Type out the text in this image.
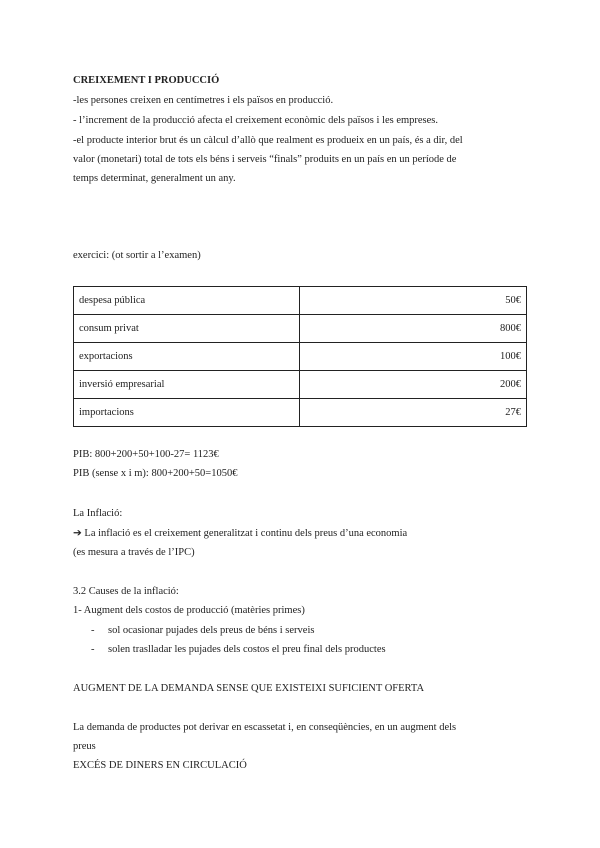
CREIXEMENT I PRODUCCIÓ
-les persones creixen en centímetres i els països en producció.
- l’increment de la producció afecta el creixement econòmic dels països i les empreses.
-el producte interior brut és un càlcul d’allò que realment es produeix en un país, és a dir, del
valor (monetari) total de tots els béns i serveis “finals” produits en un país en un període de
temps determinat, generalment un any.
exercici: (ot sortir a l’examen)
despesa pública	50€
consum privat	800€
exportacions	100€
inversió empresarial	200€
importacions	27€
PIB: 800+200+50+100-27= 1123€
PIB (sense x i m): 800+200+50=1050€
La Inflació:
➔ La inflació es el creixement generalitzat i continu dels preus d’una economia
(es mesura a través de l’IPC)
3.2 Causes de la inflació:
1- Augment dels costos de producció (matèries primes)
- sol ocasionar pujades dels preus de béns i serveis
- solen traslladar les pujades dels costos el preu final dels productes
AUGMENT DE LA DEMANDA SENSE QUE EXISTEIXI SUFICIENT OFERTA
La demanda de productes pot derivar en escassetat i, en conseqüències, en un augment dels
preus
EXCÉS DE DINERS EN CIRCULACIÓ
